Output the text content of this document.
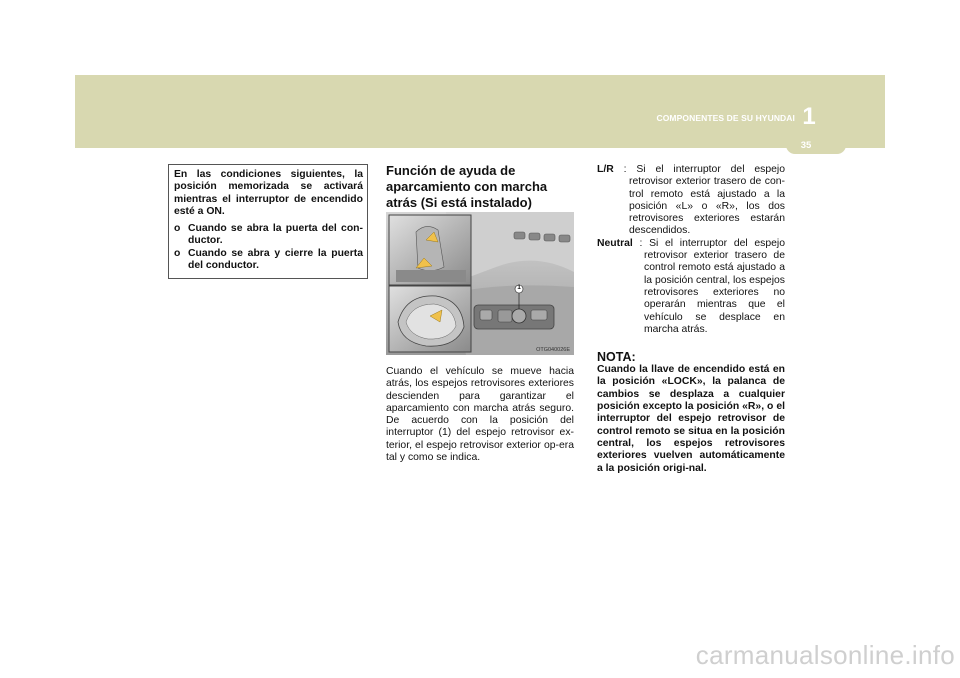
COMPONENTES DE SU HYUNDAI 1
35

En las condiciones siguientes, la posición memorizada se activará mientras el interruptor de encendido esté a ON.

o Cuando se abra la puerta del con-ductor.
o Cuando se abra y cierre la puerta del conductor.
Función de ayuda de aparcamiento con marcha atrás (Si está instalado)
1
OTG040026E
Cuando el vehículo se mueve hacia atrás, los espejos retrovisores exteriores descienden para garantizar el aparcamiento con marcha atrás seguro. De acuerdo con la posición del interruptor (1) del espejo retrovisor ex-terior, el espejo retrovisor exterior op-era tal y como se indica.
L/R : Si el interruptor del espejo retrovisor exterior trasero de con-trol remoto está ajustado a la posición «L» o «R», los dos retrovisores exteriores estarán descendidos.
Neutral : Si el interruptor del espejo retrovisor exterior trasero de control remoto está ajustado a la posición central, los espejos retrovisores exteriores no operarán mientras que el vehículo se desplace en marcha atrás.
NOTA:
Cuando la llave de encendido está en la posición «LOCK», la palanca de cambios se desplaza a cualquier posición excepto la posición «R», o el interruptor del espejo retrovisor de control remoto se situa en la posición central, los espejos retrovisores exteriores vuelven automáticamente a la posición origi-nal.
carmanualsonline.info
